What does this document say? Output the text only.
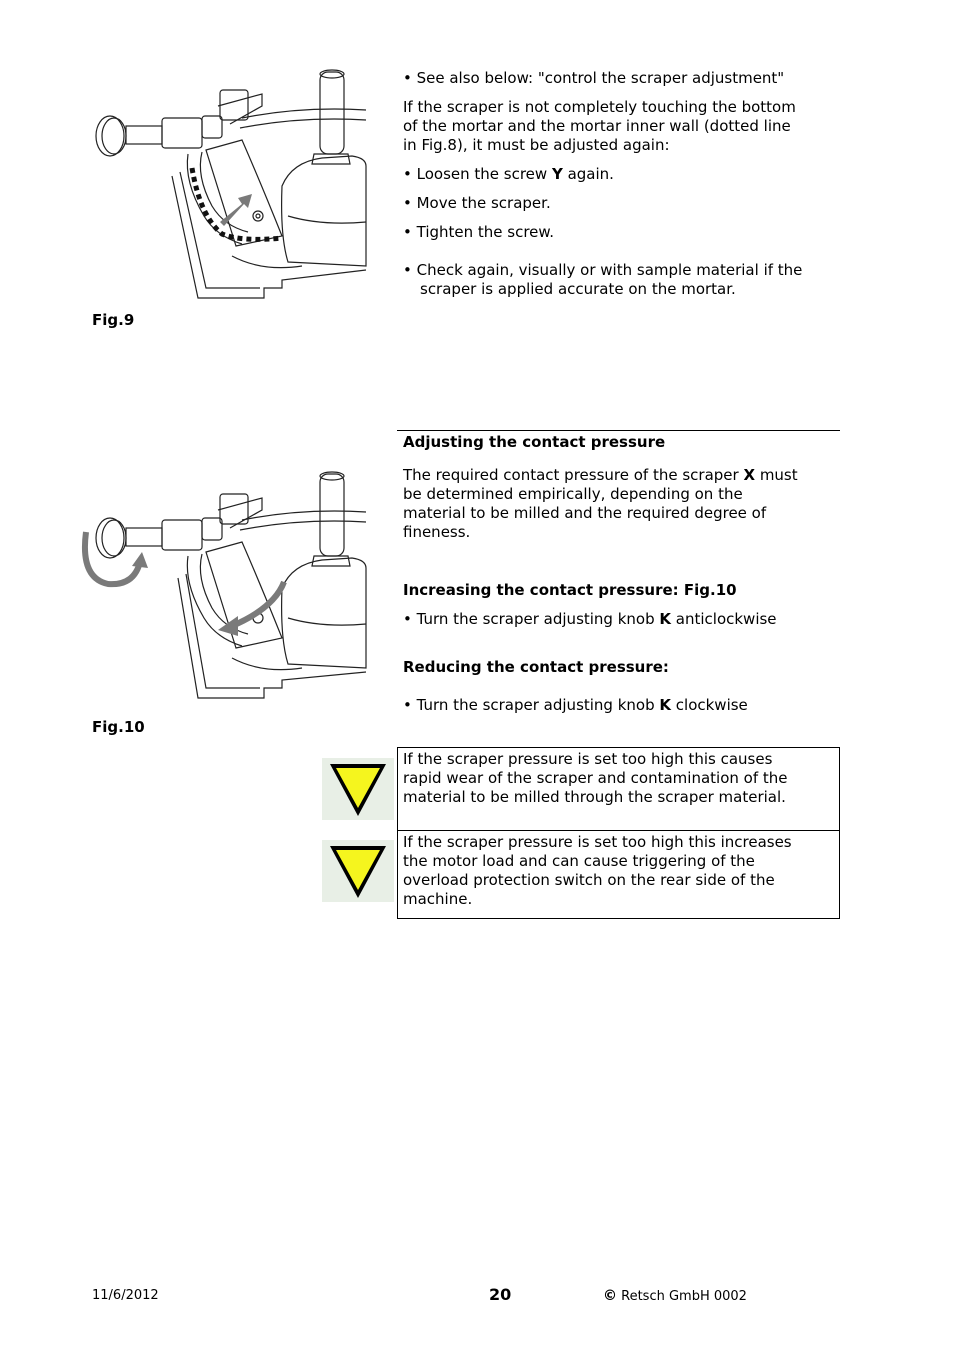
Fig.9

• See also below: "control the scraper adjustment"

If the scraper is not completely touching the bottom

of the mortar and the mortar inner wall (dotted line

in Fig.8), it must be adjusted again:

• Loosen the screw Y again.

• Move the scraper.

• Tighten the screw.

• Check again, visually or with sample material if the

scraper is applied accurate on the mortar.

Adjusting the contact pressure

The required contact pressure of the scraper X must

be determined empirically, depending on the

material to be milled and the required degree of

fineness.

Increasing the contact pressure: Fig.10

• Turn the scraper adjusting knob K anticlockwise

Reducing the contact pressure:

• Turn the scraper adjusting knob K clockwise

Fig.10

If the scraper pressure is set too high this causes

rapid wear of the scraper and contamination of the

material to be milled through the scraper material.

If the scraper pressure is set too high this increases

the motor load and can cause triggering of the

overload protection switch on the rear side of the

machine.

11/6/2012	20	© Retsch GmbH 0002
